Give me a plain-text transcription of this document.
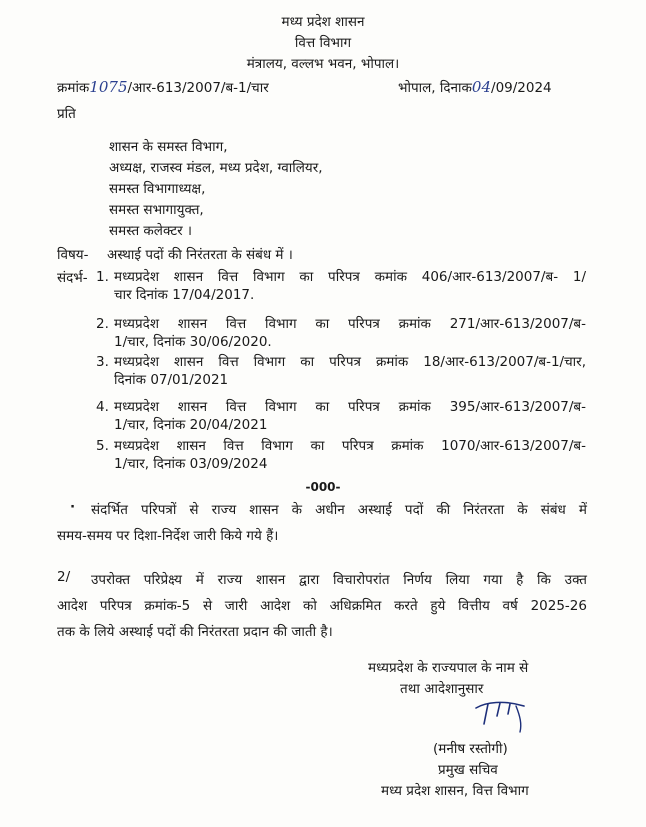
मध्य प्रदेश शासन
वित्त विभाग
मंत्रालय, वल्लभ भवन, भोपाल।
क्रमांक1075/आर-613/2007/ब-1/चार	भोपाल, दिनाक04/09/2024
प्रति
शासन के समस्त विभाग,
अध्यक्ष, राजस्व मंडल, मध्य प्रदेश, ग्वालियर,
समस्त विभागाध्यक्ष,
समस्त सभागायुक्त,
समस्त कलेक्टर ।
विषय- अस्थाई पदों की निरंतरता के संबंध में ।
संदर्भ- 1. मध्यप्रदेश शासन वित्त विभाग का परिपत्र कमांक 406/आर-613/2007/ब- 1/
चार दिनांक 17/04/2017.
2. मध्यप्रदेश शासन वित्त विभाग का परिपत्र क्रमांक 271/आर-613/2007/ब-
1/चार, दिनांक 30/06/2020.
3. मध्यप्रदेश शासन वित्त विभाग का परिपत्र क्रमांक 18/आर-613/2007/ब-1/चार,
दिनांक 07/01/2021
4. मध्यप्रदेश शासन वित्त विभाग का परिपत्र क्रमांक 395/आर-613/2007/ब-
1/चार, दिनांक 20/04/2021
5. मध्यप्रदेश शासन वित्त विभाग का परिपत्र क्रमांक 1070/आर-613/2007/ब-
1/चार, दिनांक 03/09/2024
-000-
·	संदर्भित परिपत्रों से राज्य शासन के अधीन अस्थाई पदों की निरंतरता के संबंध में
समय-समय पर दिशा-निर्देश जारी किये गये हैं।
2/	उपरोक्त परिप्रेक्ष्य में राज्य शासन द्वारा विचारोपरांत निर्णय लिया गया है कि उक्त
आदेश परिपत्र क्रमांक-5 से जारी आदेश को अधिक्रमित करते हुये वित्तीय वर्ष 2025-26
तक के लिये अस्थाई पदों की निरंतरता प्रदान की जाती है।
मध्यप्रदेश के राज्यपाल के नाम से
तथा आदेशानुसार
(मनीष रस्तोगी)
प्रमुख सचिव
मध्य प्रदेश शासन, वित्त विभाग
